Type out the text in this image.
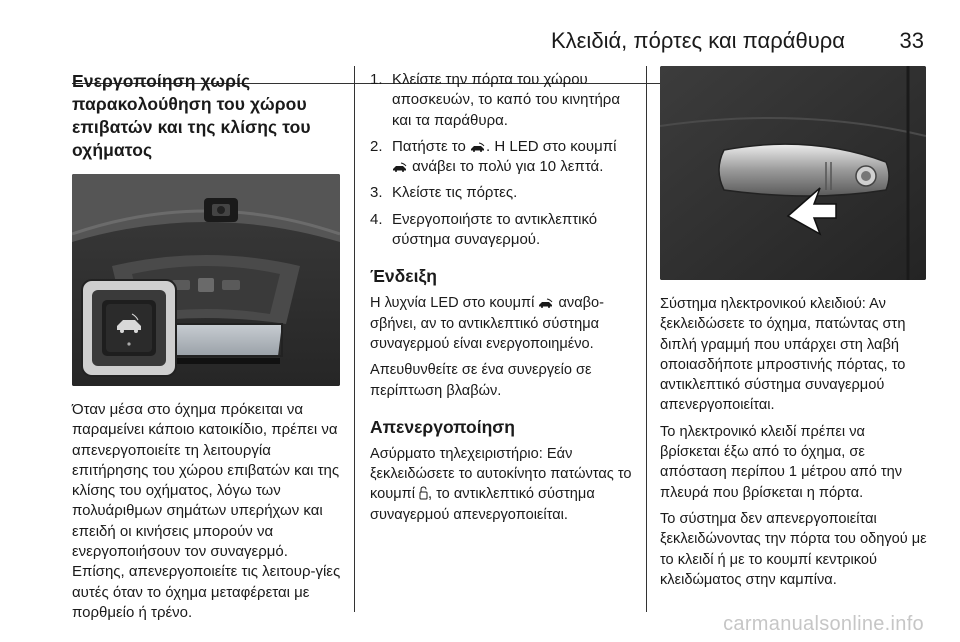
Κλειδιά, πόρτες και παράθυρα 33
Ενεργοποίηση χωρίς παρακολούθηση του χώρου επιβατών και της κλίσης του οχήματος
Όταν μέσα στο όχημα πρόκειται να παραμείνει κάποιο κατοικίδιο, πρέπει να απενεργοποιείτε τη λειτουργία επιτήρησης του χώρου επιβατών και της κλίσης του οχήματος, λόγω των πολυάριθμων σημάτων υπερήχων και επειδή οι κινήσεις μπορούν να ενεργοποιήσουν τον συναγερμό. Επίσης, απενεργοποιείτε τις λειτουρ-γίες αυτές όταν το όχημα μεταφέρεται με πορθμείο ή τρένο.
1. Κλείστε την πόρτα του χώρου αποσκευών, το καπό του κινητήρα και τα παράθυρα.
2. Πατήστε το . Η LED στο κουμπί  ανάβει το πολύ για 10 λεπτά.
3. Κλείστε τις πόρτες.
4. Ενεργοποιήστε το αντικλεπτικό σύστημα συναγερμού.
Ένδειξη
Η λυχνία LED στο κουμπί αναβο-σβήνει, αν το αντικλεπτικό σύστημα συναγερμού είναι ενεργοποιημένο.
Απευθυνθείτε σε ένα συνεργείο σε περίπτωση βλαβών.
Απενεργοποίηση
Ασύρματο τηλεχειριστήριο: Εάν ξεκλειδώσετε το αυτοκίνητο πατώντας το κουμπί , το αντικλεπτικό σύστημα συναγερμού απενεργοποιείται.
Σύστημα ηλεκτρονικού κλειδιού: Αν ξεκλειδώσετε το όχημα, πατώντας στη διπλή γραμμή που υπάρχει στη λαβή οποιασδήποτε μπροστινής πόρτας, το αντικλεπτικό σύστημα συναγερμού απενεργοποιείται.
Το ηλεκτρονικό κλειδί πρέπει να βρίσκεται έξω από το όχημα, σε απόσταση περίπου 1 μέτρου από την πλευρά που βρίσκεται η πόρτα.
Το σύστημα δεν απενεργοποιείται ξεκλειδώνοντας την πόρτα του οδηγού με το κλειδί ή με το κουμπί κεντρικού κλειδώματος στην καμπίνα.
carmanualsonline.info
